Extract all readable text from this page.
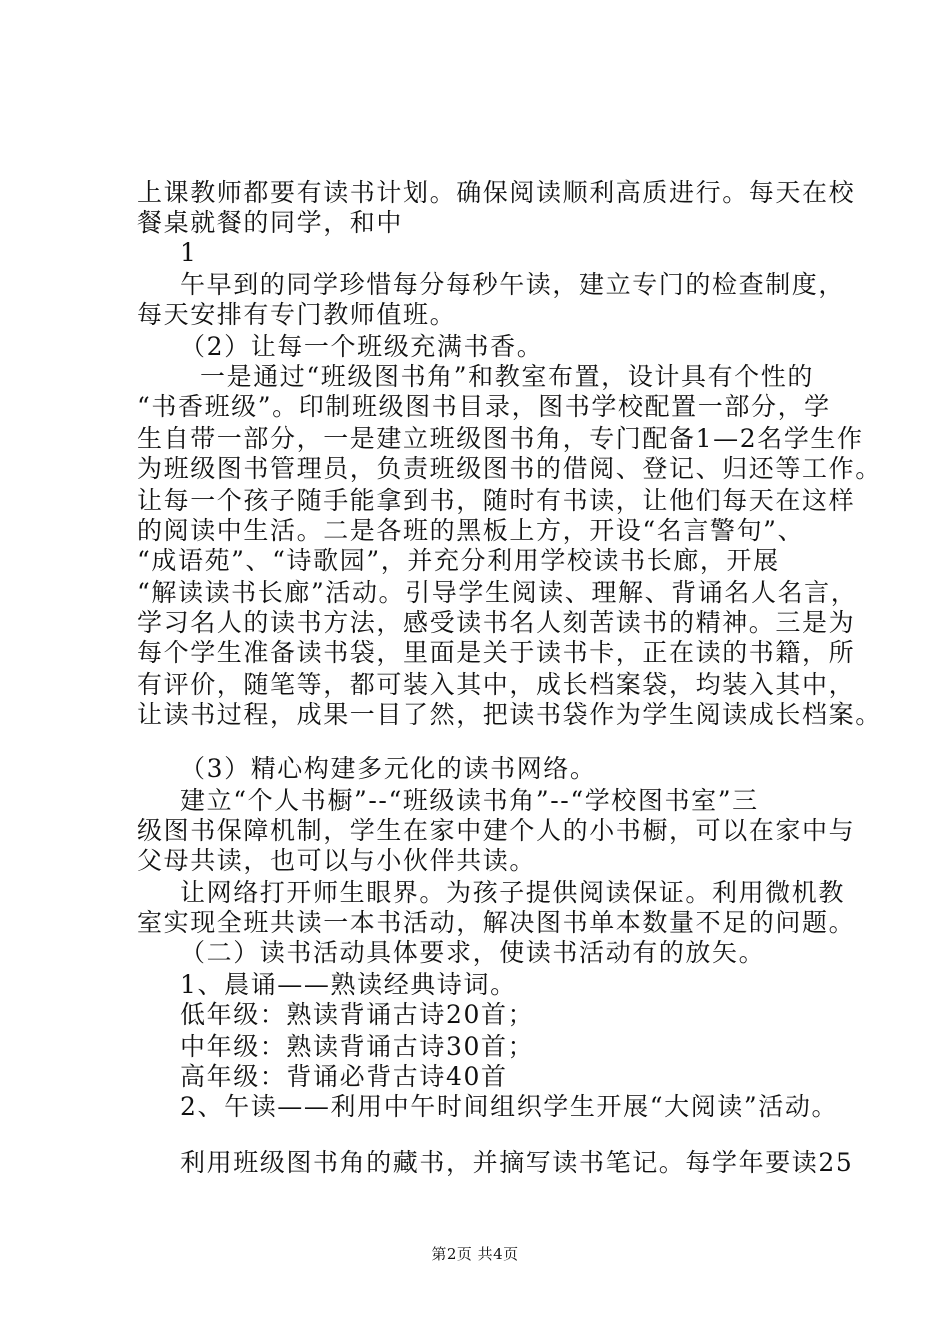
上课教师都要有读书计划。确保阅读顺利高质进行。每天在校
餐桌就餐的同学，和中
1
午早到的同学珍惜每分每秒午读，建立专门的检查制度，
每天安排有专门教师值班。
（2）让每一个班级充满书香。
一是通过“班级图书角”和教室布置，设计具有个性的
“书香班级”。印制班级图书目录，图书学校配置一部分，学
生自带一部分，一是建立班级图书角，专门配备1—2名学生作
为班级图书管理员，负责班级图书的借阅、登记、归还等工作。
让每一个孩子随手能拿到书，随时有书读，让他们每天在这样
的阅读中生活。二是各班的黑板上方，开设“名言警句”、
“成语苑”、“诗歌园”，并充分利用学校读书长廊，开展
“解读读书长廊”活动。引导学生阅读、理解、背诵名人名言，
学习名人的读书方法，感受读书名人刻苦读书的精神。三是为
每个学生准备读书袋，里面是关于读书卡，正在读的书籍，所
有评价，随笔等，都可装入其中，成长档案袋，均装入其中，
让读书过程，成果一目了然，把读书袋作为学生阅读成长档案。
（3）精心构建多元化的读书网络。
建立“个人书橱”--“班级读书角”--“学校图书室”三
级图书保障机制，学生在家中建个人的小书橱，可以在家中与
父母共读，也可以与小伙伴共读。
让网络打开师生眼界。为孩子提供阅读保证。利用微机教
室实现全班共读一本书活动，解决图书单本数量不足的问题。
（二）读书活动具体要求，使读书活动有的放矢。
1、晨诵——熟读经典诗词。
低年级：熟读背诵古诗20首；
中年级：熟读背诵古诗30首；
高年级：背诵必背古诗40首
2、午读——利用中午时间组织学生开展“大阅读”活动。
利用班级图书角的藏书，并摘写读书笔记。每学年要读25
第2页 共4页
